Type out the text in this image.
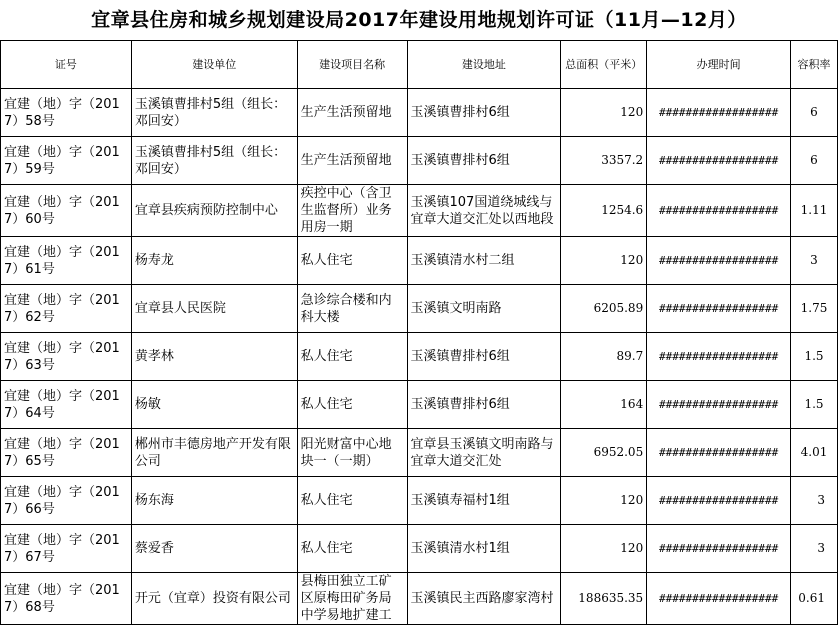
宜章县住房和城乡规划建设局2017年建设用地规划许可证（11月—12月）
证号	建设单位	建设项目名称	建设地址	总面积（平米）	办理时间	容积率

宜建（地）字（2017）58号	玉溪镇曹排村5组（组长：邓回安）	生产生活预留地	玉溪镇曹排村6组	120	##################	6

宜建（地）字（2017）59号	玉溪镇曹排村5组（组长：邓回安）	生产生活预留地	玉溪镇曹排村6组	3357.2	##################	6

宜建（地）字（2017）60号	宜章县疾病预防控制中心	疾控中心（含卫生监督所）业务用房一期	玉溪镇107国道绕城线与宜章大道交汇处以西地段	1254.6	##################	1.11

宜建（地）字（2017）61号	杨寿龙	私人住宅	玉溪镇清水村二组	120	##################	3

宜建（地）字（2017）62号	宜章县人民医院	急诊综合楼和内科大楼	玉溪镇文明南路	6205.89	##################	1.75

宜建（地）字（2017）63号	黄孝林	私人住宅	玉溪镇曹排村6组	89.7	##################	1.5

宜建（地）字（2017）64号	杨敏	私人住宅	玉溪镇曹排村6组	164	##################	1.5

宜建（地）字（2017）65号	郴州市丰德房地产开发有限公司	阳光财富中心地块一（一期）	宜章县玉溪镇文明南路与宜章大道交汇处	6952.05	##################	4.01

宜建（地）字（2017）66号	杨东海	私人住宅	玉溪镇寿福村1组	120	##################	3

宜建（地）字（2017）67号	蔡爱香	私人住宅	玉溪镇清水村1组	120	##################	3

宜建（地）字（2017）68号	开元（宜章）投资有限公司	县梅田独立工矿区原梅田矿务局中学易地扩建工	玉溪镇民主西路廖家湾村	188635.35	##################	0.61
